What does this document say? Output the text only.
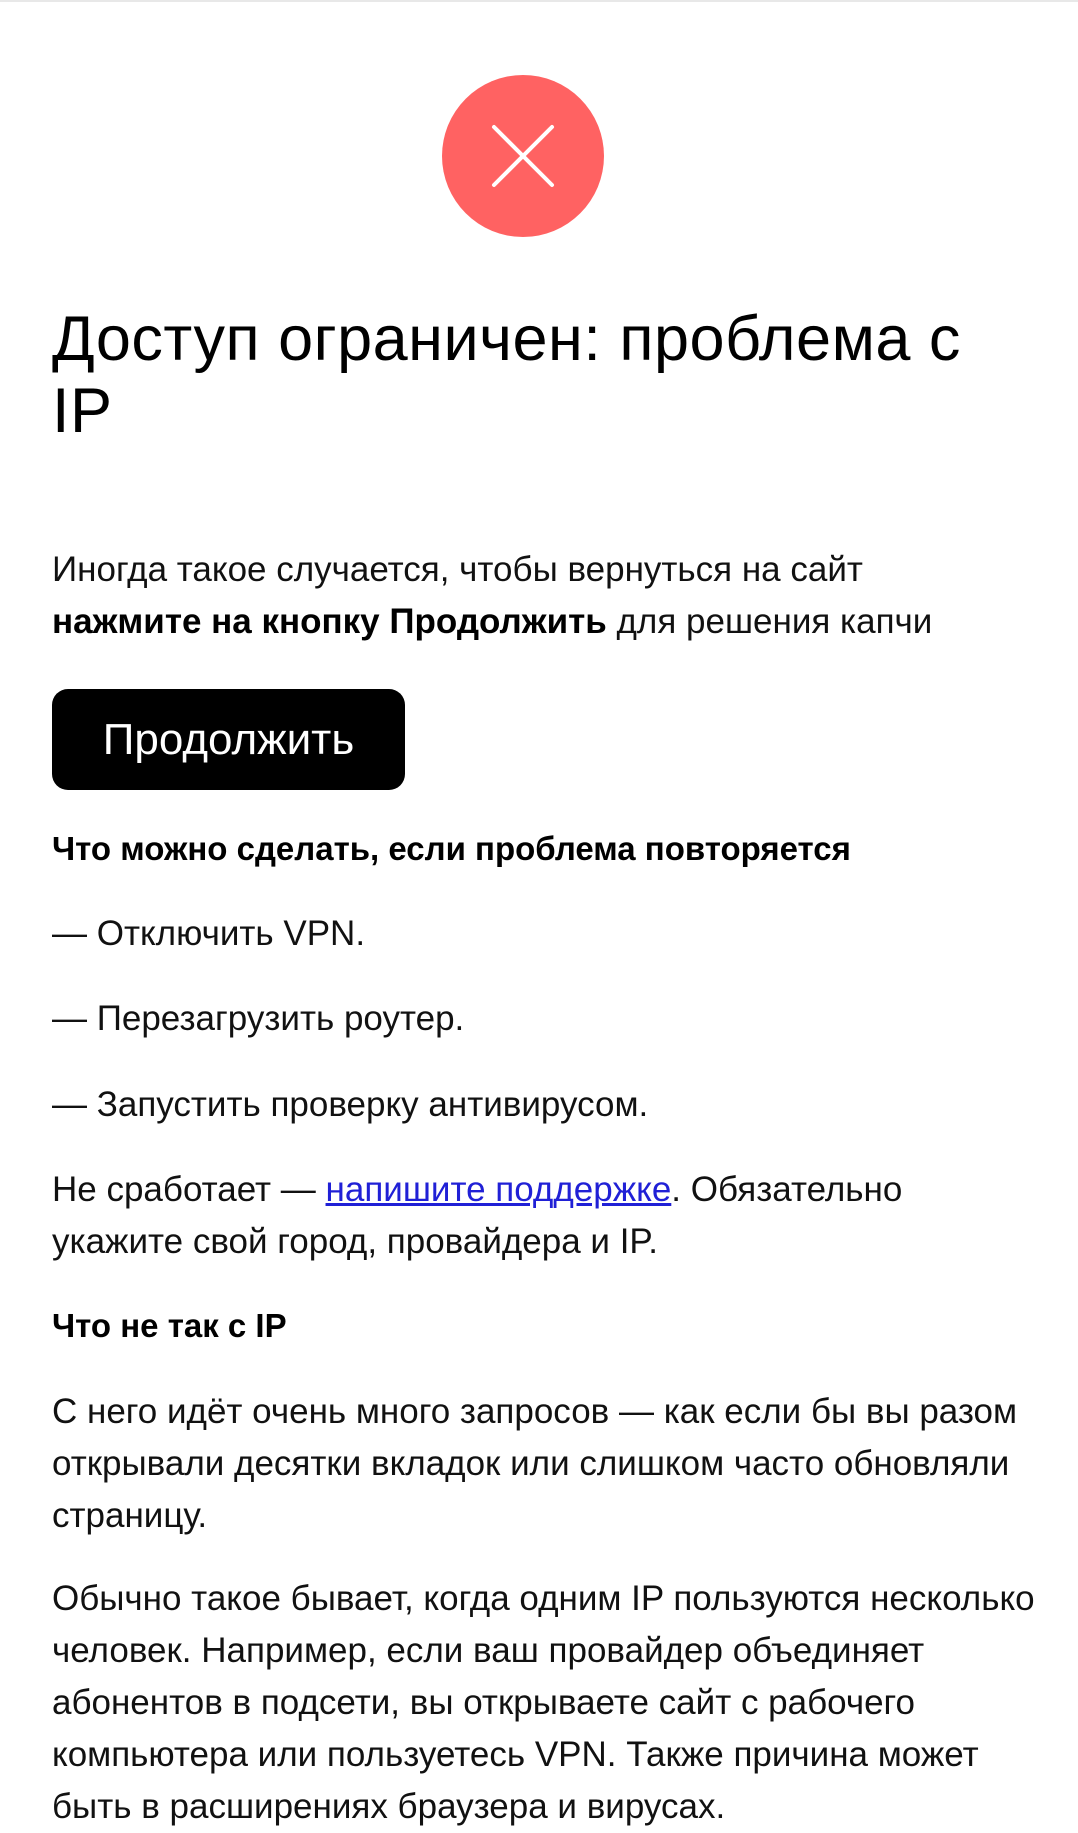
Доступ ограничен: проблема с IP

Иногда такое случается, чтобы вернуться на сайт
нажмите на кнопку Продолжить для решения капчи

Продолжить
Что можно сделать, если проблема повторяется

— Отключить VPN.

— Перезагрузить роутер.

— Запустить проверку антивирусом.

Не сработает — напишите поддержке. Обязательно укажите свой город, провайдера и IP.

Что не так с IP

С него идёт очень много запросов — как если бы вы разом открывали десятки вкладок или слишком часто обновляли страницу.

Обычно такое бывает, когда одним IP пользуются несколько человек. Например, если ваш провайдер объединяет абонентов в подсети, вы открываете сайт с рабочего компьютера или пользуетесь VPN. Также причина может быть в расширениях браузера и вирусах.
